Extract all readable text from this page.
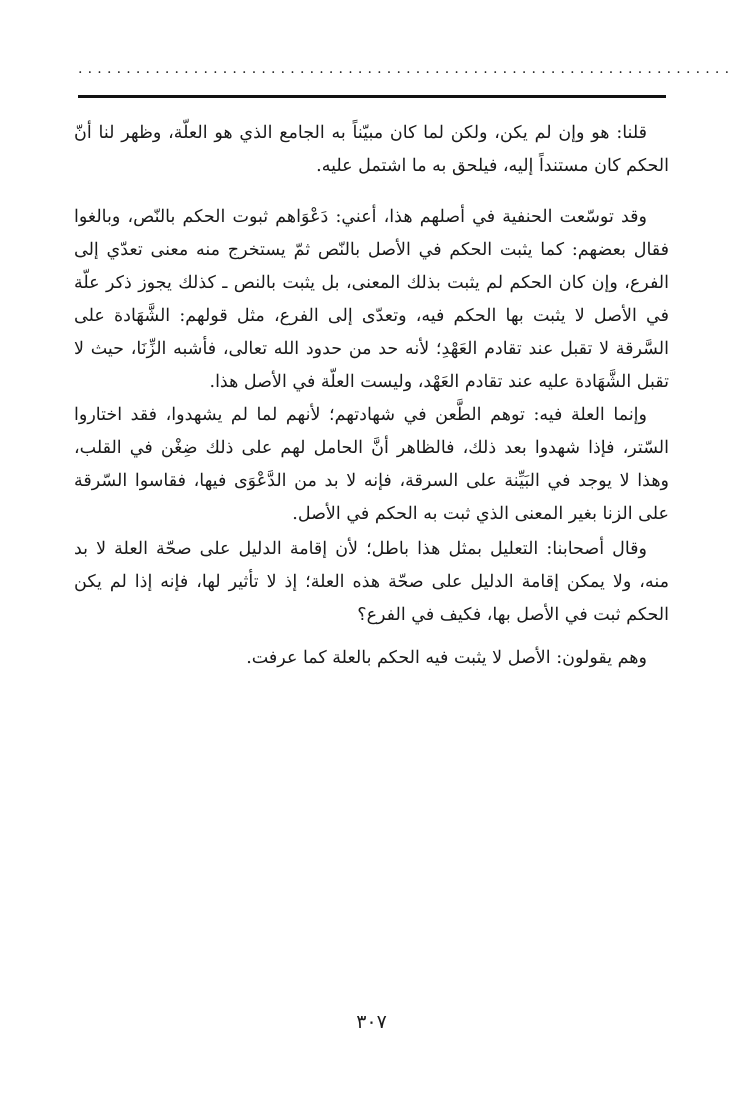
....................................................................

قلنا: هو وإن لم يكن، ولكن لما كان مبيّناً به الجامع الذي هو العلّة، وظهر لنا أنّ الحكم كان مستنداً إليه، فيلحق به ما اشتمل عليه.

وقد توسّعت الحنفية في أصلهم هذا، أعني: دَعْوَاهم ثبوت الحكم بالنّص، وبالغوا فقال بعضهم: كما يثبت الحكم في الأصل بالنّص ثمّ يستخرج منه معنى تعدّي إلى الفرع، وإن كان الحكم لم يثبت بذلك المعنى، بل يثبت بالنص ـ كذلك يجوز ذكر علّة في الأصل لا يثبت بها الحكم فيه، وتعدّى إلى الفرع، مثل قولهم: الشَّهَادة على السَّرقة لا تقبل عند تقادم العَهْدِ؛ لأنه حد من حدود الله تعالى، فأشبه الزِّنَا، حيث لا تقبل الشَّهَادة عليه عند تقادم العَهْد، وليست العلّة في الأصل هذا.

وإنما العلة فيه: توهم الطَّعن في شهادتهم؛ لأنهم لما لم يشهدوا، فقد اختاروا السّتر، فإذا شهدوا بعد ذلك، فالظاهر أنَّ الحامل لهم على ذلك ضِغْن في القلب، وهذا لا يوجد في البَيِّنة على السرقة، فإنه لا بد من الدَّعْوَى فيها، فقاسوا السّرقة على الزنا بغير المعنى الذي ثبت به الحكم في الأصل.

وقال أصحابنا: التعليل بمثل هذا باطل؛ لأن إقامة الدليل على صحّة العلة لا بد منه، ولا يمكن إقامة الدليل على صحّة هذه العلة؛ إذ لا تأثير لها، فإنه إذا لم يكن الحكم ثبت في الأصل بها، فكيف في الفرع؟

وهم يقولون: الأصل لا يثبت فيه الحكم بالعلة كما عرفت.

٣٠٧
